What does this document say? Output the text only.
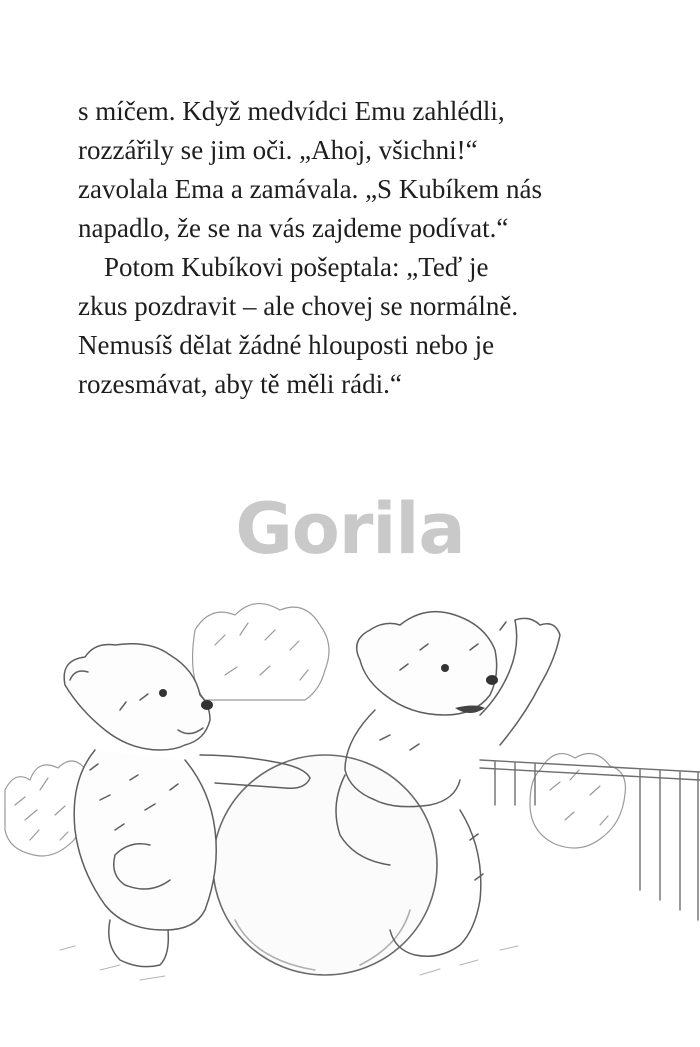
s míčem. Když medvídci Emu zahlédli,
rozzářily se jim oči. „Ahoj, všichni!“
zavolala Ema a zamávala. „S Kubíkem nás
napadlo, že se na vás zajdeme podívat.“
Potom Kubíkovi pošeptala: „Teď je
zkus pozdravit – ale chovej se normálně.
Nemusíš dělat žádné hlouposti nebo je
rozesmávat, aby tě měli rádi.“
Gorila
